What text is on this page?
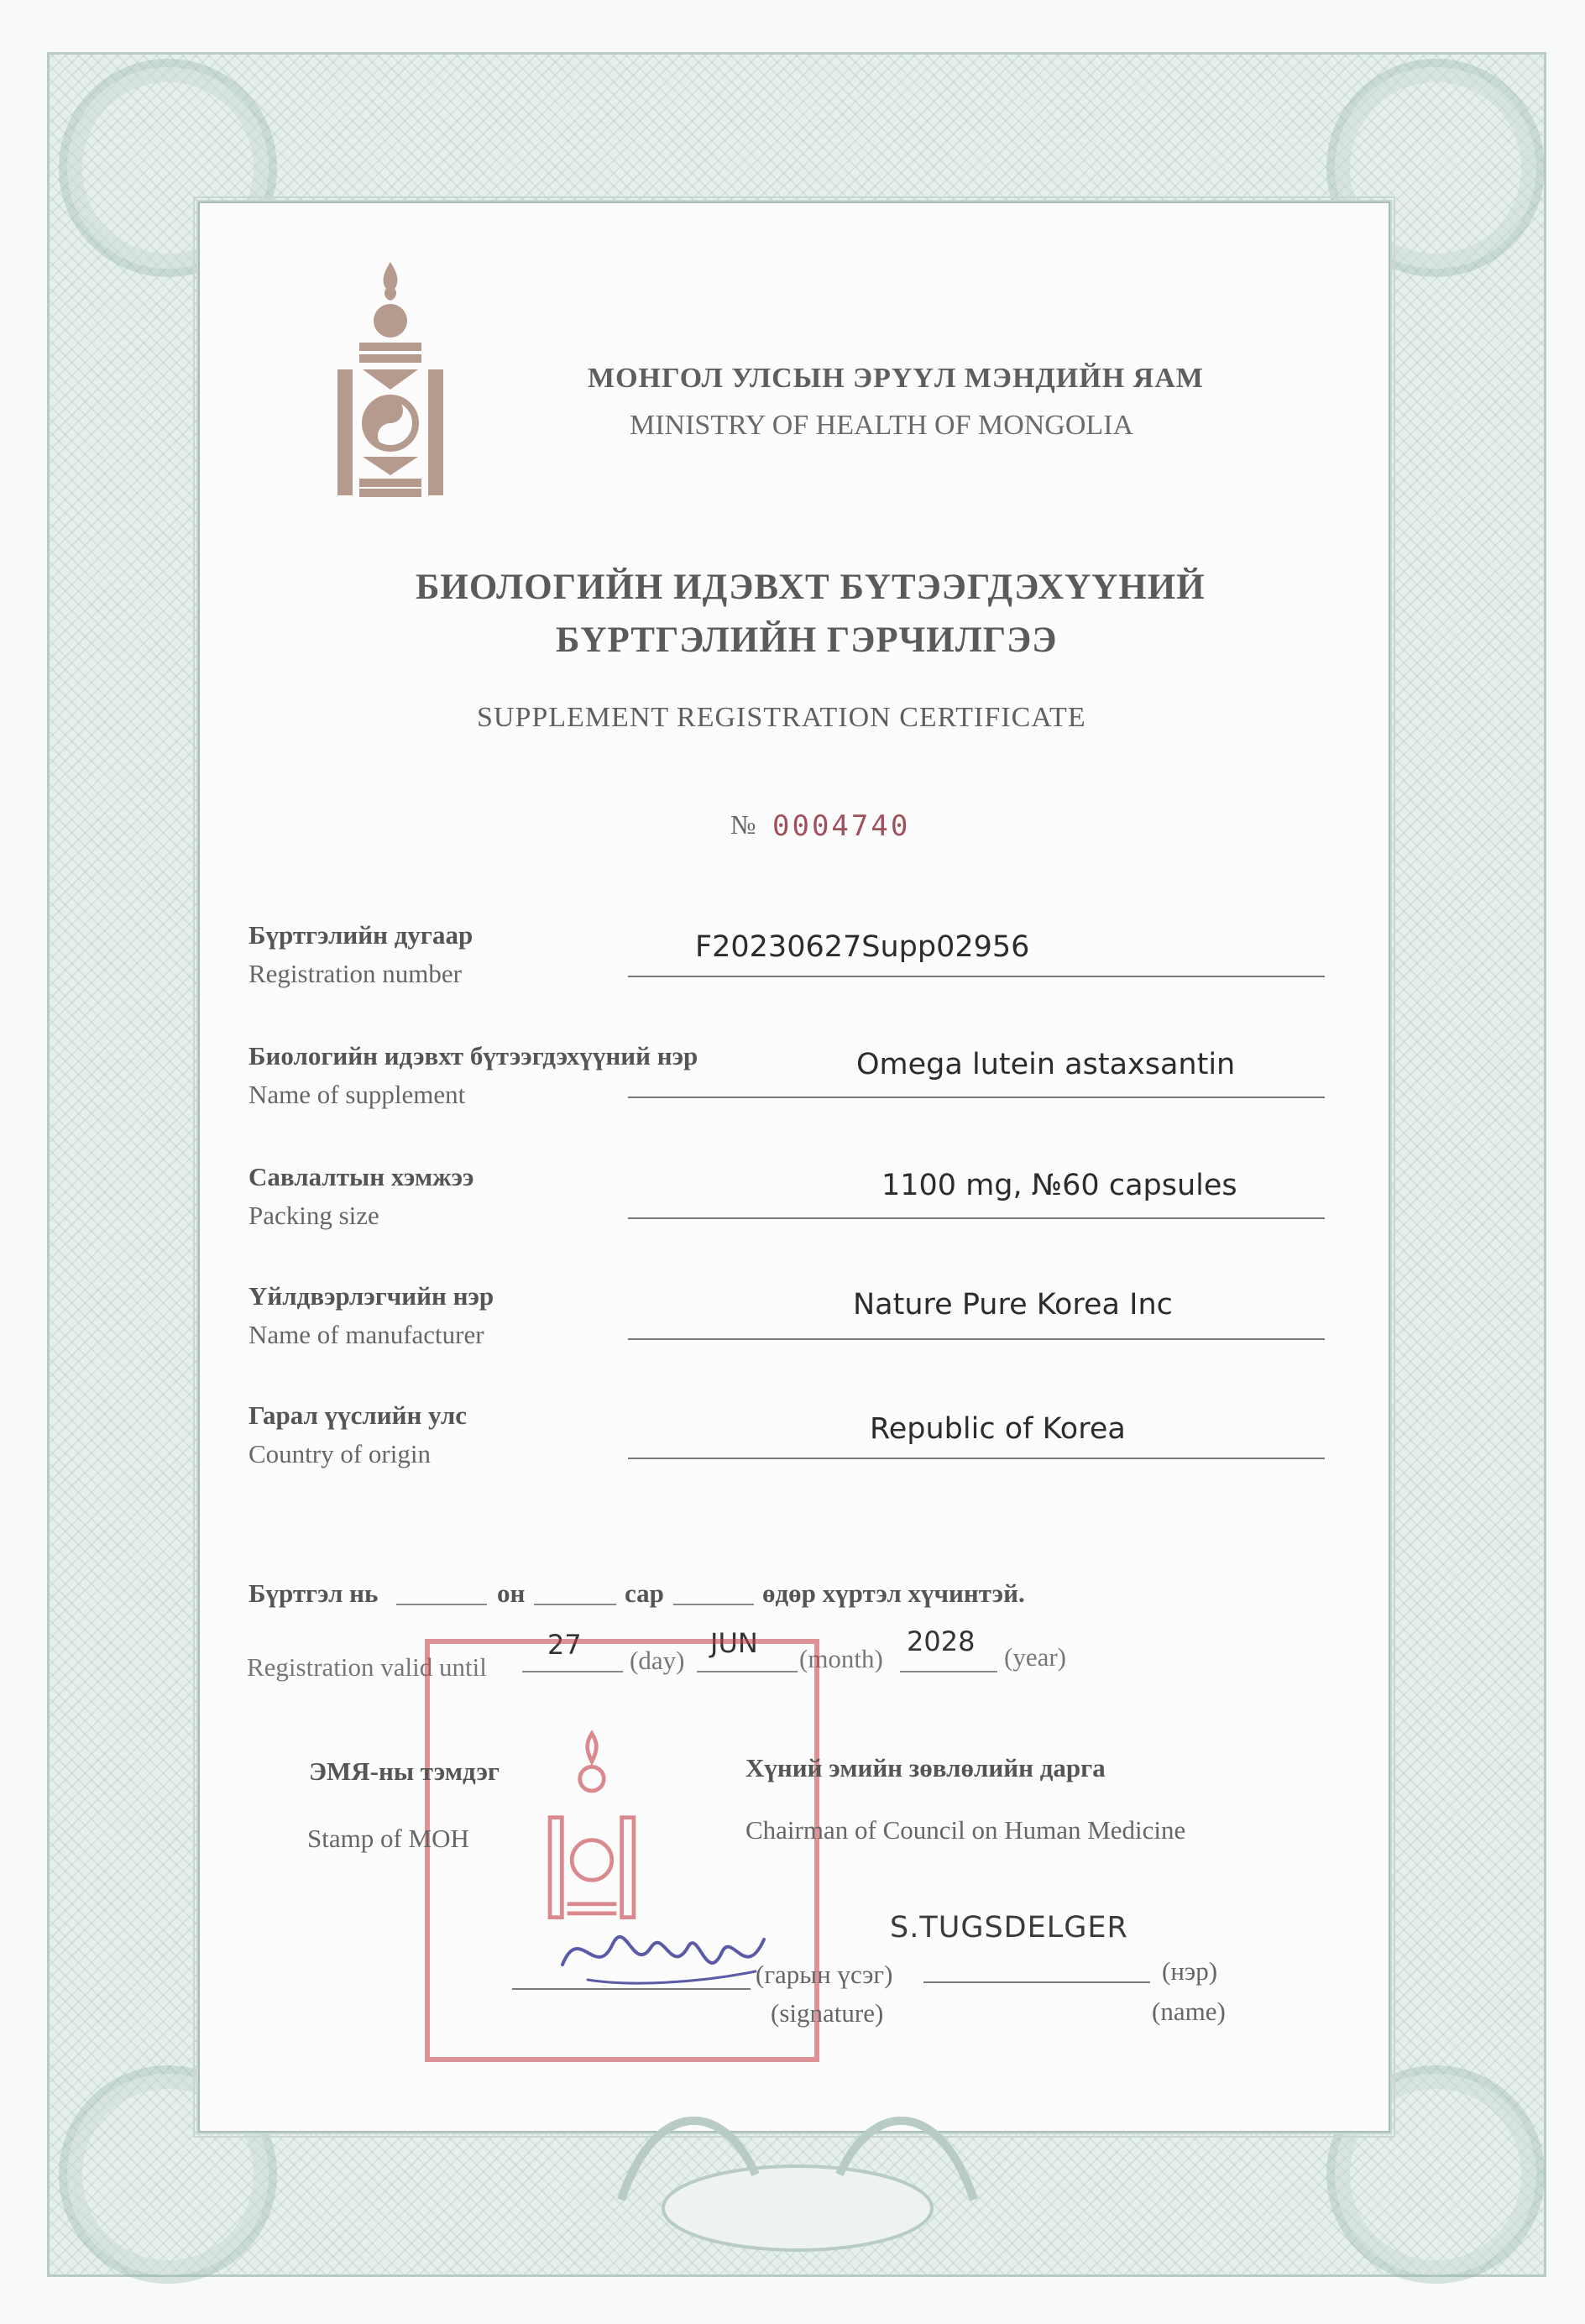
МОНГОЛ УЛСЫН ЭРҮҮЛ МЭНДИЙН ЯАМ
MINISTRY OF HEALTH OF MONGOLIA
БИОЛОГИЙН ИДЭВХТ БҮТЭЭГДЭХҮҮНИЙ
БҮРТГЭЛИЙН ГЭРЧИЛГЭЭ
SUPPLEMENT REGISTRATION CERTIFICATE
№ 0004740
Бүртгэлийн дугаар
Registration number
F20230627Supp02956
Биологийн идэвхт бүтээгдэхүүний нэр
Name of supplement
Omega lutein astaxsantin
Савлалтын хэмжээ
Packing size
1100 mg, №60 capsules
Үйлдвэрлэгчийн нэр
Name of manufacturer
Nature Pure Korea Inc
Гарал үүслийн улс
Country of origin
Republic of Korea
Бүртгэл нь	он	сар	өдөр хүртэл хүчинтэй.
Registration valid until
27 (day)
JUN (month)
2028 (year)
ЭМЯ-ны тэмдэг
Stamp of MOH
Хүний эмийн зөвлөлийн дарга
Chairman of Council on Human Medicine
S.TUGSDELGER
(гарын үсэг)
(signature)
(нэр)
(name)
